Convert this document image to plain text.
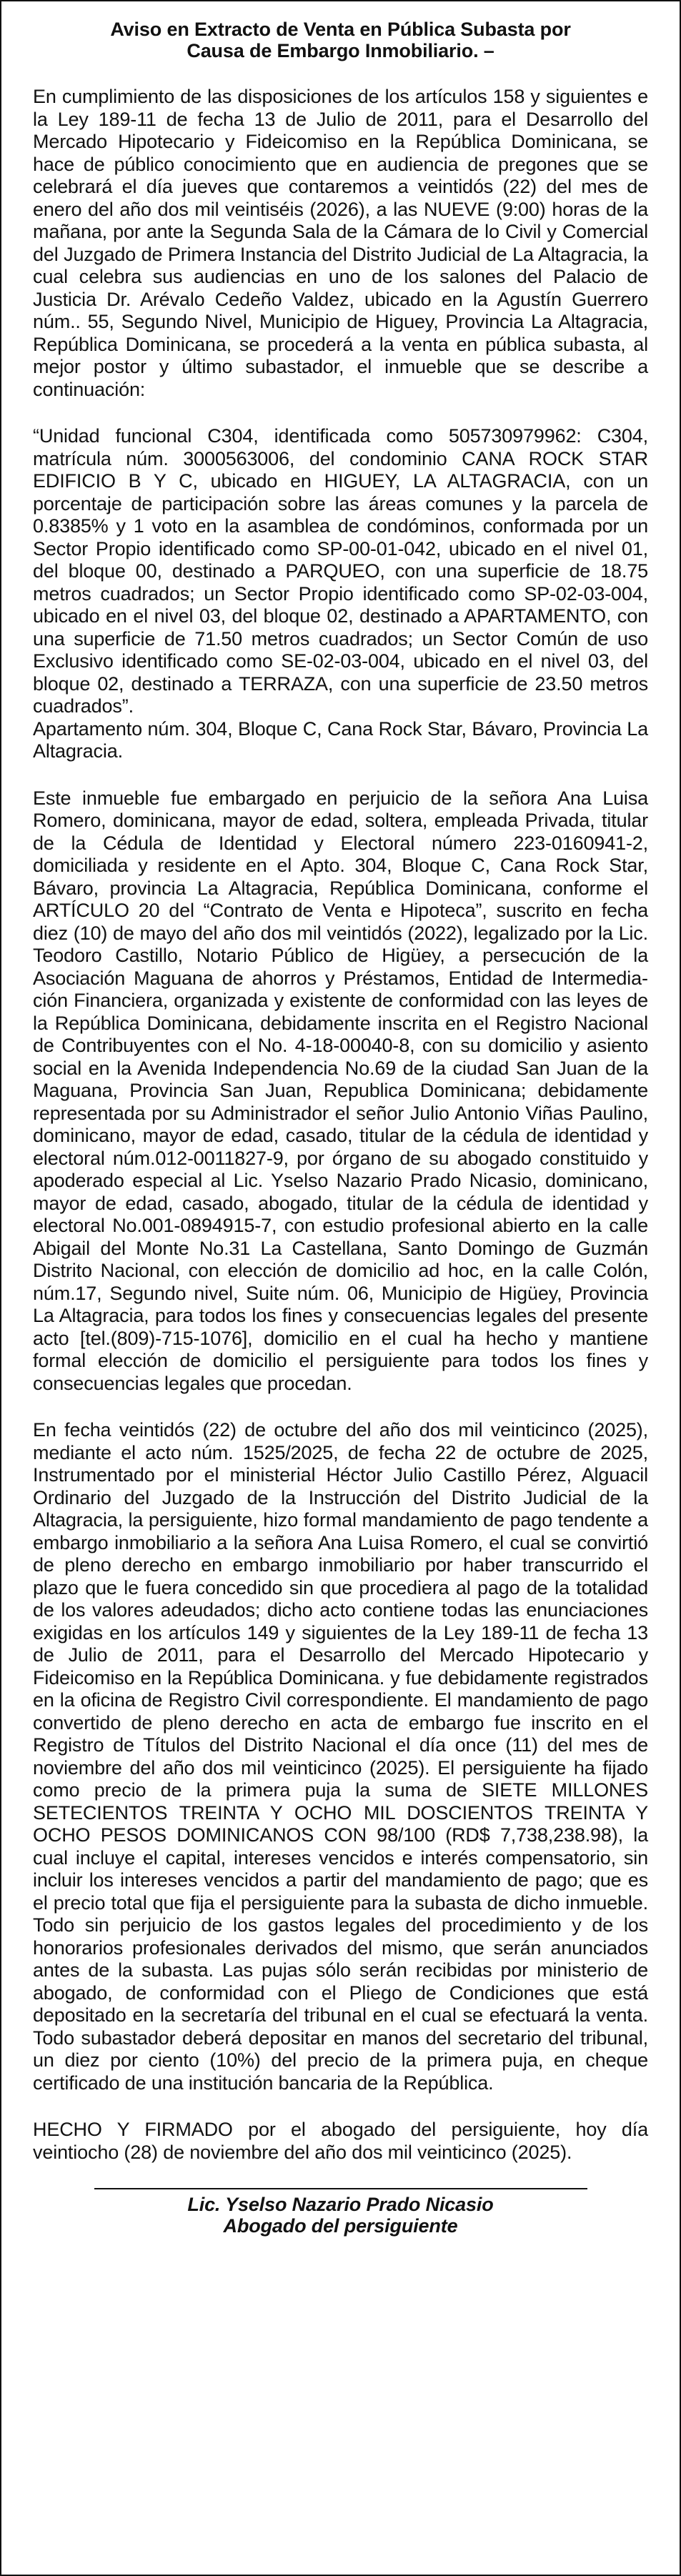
Aviso en Extracto de Venta en Pública Subasta por
Causa de Embargo Inmobiliario. –
En cumplimiento de las disposiciones de los artículos 158 y siguientes e la Ley 189-11 de fecha 13 de Julio de 2011, para el Desarrollo del Mercado Hipotecario y Fideicomiso en la República Dominicana, se hace de público conocimiento que en audiencia de pregones que se celebrará el día jueves que contaremos a veintidós (22) del mes de enero del año dos mil veintiséis (2026), a las NUEVE (9:00) horas de la mañana, por ante la Segunda Sala de la Cámara de lo Civil y Comercial del Juzgado de Primera Instancia del Distrito Judicial de La Altagracia, la cual celebra sus audiencias en uno de los salones del Palacio de Justicia Dr. Arévalo Cedeño Valdez, ubicado en la Agustín Guerrero núm.. 55, Segundo Nivel, Municipio de Higuey, Provincia La Altagracia, República Dominicana, se procederá a la venta en pública subasta, al mejor postor y último subastador, el inmueble que se describe a continuación:
“Unidad funcional C304, identificada como 505730979962: C304, matrícula núm. 3000563006, del condominio CANA ROCK STAR EDIFICIO B Y C, ubicado en HIGUEY, LA ALTAGRACIA, con un porcentaje de participación sobre las áreas comunes y la parcela de 0.8385% y 1 voto en la asamblea de condóminos, conformada por un Sector Propio identificado como SP-00-01-042, ubicado en el nivel 01, del bloque 00, destinado a PARQUEO, con una superficie de 18.75 metros cuadrados; un Sector Propio identificado como SP-02-03-004, ubicado en el nivel 03, del bloque 02, destinado a APARTAMENTO, con una superficie de 71.50 metros cuadrados; un Sector Común de uso Exclusivo identificado como SE-02-03-004, ubicado en el nivel 03, del bloque 02, destinado a TERRAZA, con una superficie de 23.50 metros cuadrados”.
Apartamento núm. 304, Bloque C, Cana Rock Star, Bávaro, Provincia La Altagracia.
Este inmueble fue embargado en perjuicio de la señora Ana Luisa Romero, dominicana, mayor de edad, soltera, empleada Privada, titular de la Cédula de Identidad y Electoral número 223-0160941-2, domiciliada y residente en el Apto. 304, Bloque C, Cana Rock Star, Bávaro, provincia La Altagracia, República Dominicana, conforme el ARTÍCULO 20 del “Contrato de Venta e Hipoteca”, suscrito en fecha diez (10) de mayo del año dos mil veintidós (2022), legalizado por la Lic. Teodoro Castillo, Notario Público de Higüey, a persecución de la Asociación Maguana de ahorros y Préstamos, Entidad de Intermediación Financiera, organizada y existente de conformidad con las leyes de la República Dominicana, debidamente inscrita en el Registro Nacional de Contribuyentes con el No. 4-18-00040-8, con su domicilio y asiento social en la Avenida Independencia No.69 de la ciudad San Juan de la Maguana, Provincia San Juan, Republica Dominicana; debidamente representada por su Administrador el señor Julio Antonio Viñas Paulino, dominicano, mayor de edad, casado, titular de la cédula de identidad y electoral núm.012-0011827-9, por órgano de su abogado constituido y apoderado especial al Lic. Yselso Nazario Prado Nicasio, dominicano, mayor de edad, casado, abogado, titular de la cédula de identidad y electoral No.001-0894915-7, con estudio profesional abierto en la calle Abigail del Monte No.31 La Castellana, Santo Domingo de Guzmán Distrito Nacional, con elección de domicilio ad hoc, en la calle Colón, núm.17, Segundo nivel, Suite núm. 06, Municipio de Higüey, Provincia La Altagracia, para todos los fines y consecuencias legales del presente acto [tel.(809)-715-1076], domicilio en el cual ha hecho y mantiene formal elección de domicilio el persiguiente para todos los fines y consecuencias legales que procedan.
En fecha veintidós (22) de octubre del año dos mil veinticinco (2025), mediante el acto núm. 1525/2025, de fecha 22 de octubre de 2025, Instrumentado por el ministerial Héctor Julio Castillo Pérez, Alguacil Ordinario del Juzgado de la Instrucción del Distrito Judicial de la Altagracia, la persiguiente, hizo formal mandamiento de pago tendente a embargo inmobiliario a la señora Ana Luisa Romero, el cual se convirtió de pleno derecho en embargo inmobiliario por haber transcurrido el plazo que le fuera concedido sin que procediera al pago de la totalidad de los valores adeudados; dicho acto contiene todas las enunciaciones exigidas en los artículos 149 y siguientes de la Ley 189-11 de fecha 13 de Julio de 2011, para el Desarrollo del Mercado Hipotecario y Fideicomiso en la República Dominicana. y fue debidamente registrados en la oficina de Registro Civil correspondiente. El mandamiento de pago convertido de pleno derecho en acta de embargo fue inscrito en el Registro de Títulos del Distrito Nacional el día once (11) del mes de noviembre del año dos mil veinticinco (2025). El persiguiente ha fijado como precio de la primera puja la suma de SIETE MILLONES SETECIENTOS TREINTA Y OCHO MIL DOSCIENTOS TREINTA Y OCHO PESOS DOMINICANOS CON 98/100 (RD$ 7,738,238.98), la cual incluye el capital, intereses vencidos e interés compensatorio, sin incluir los intereses vencidos a partir del mandamiento de pago; que es el precio total que fija el persiguiente para la subasta de dicho inmueble. Todo sin perjuicio de los gastos legales del procedimiento y de los honorarios profesionales derivados del mismo, que serán anunciados antes de la subasta. Las pujas sólo serán recibidas por ministerio de abogado, de conformidad con el Pliego de Condiciones que está depositado en la secretaría del tribunal en el cual se efectuará la venta. Todo subastador deberá depositar en manos del secretario del tribunal, un diez por ciento (10%) del precio de la primera puja, en cheque certificado de una institución bancaria de la República.
HECHO Y FIRMADO por el abogado del persiguiente, hoy día veintiocho (28) de noviembre del año dos mil veinticinco (2025).
Lic. Yselso Nazario Prado Nicasio
Abogado del persiguiente
